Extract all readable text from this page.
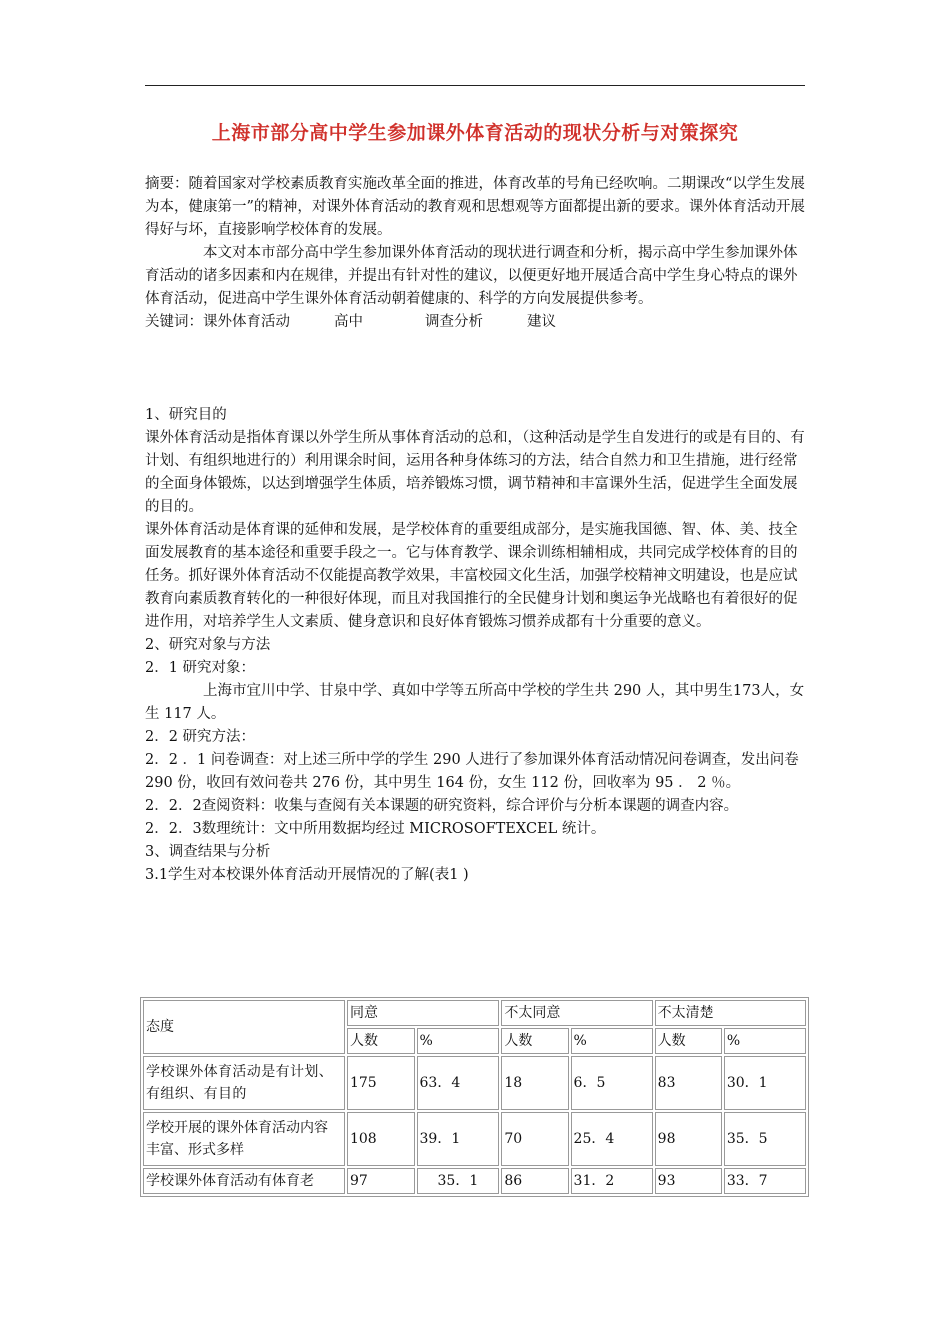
上海市部分高中学生参加课外体育活动的现状分析与对策探究

摘要：随着国家对学校素质教育实施改革全面的推进，体育改革的号角已经吹响。二期课改“以学生发展为本，健康第一”的精神，对课外体育活动的教育观和思想观等方面都提出新的要求。课外体育活动开展得好与坏，直接影响学校体育的发展。

本文对本市部分高中学生参加课外体育活动的现状进行调查和分析，揭示高中学生参加课外体育活动的诸多因素和内在规律，并提出有针对性的建议，以便更好地开展适合高中学生身心特点的课外体育活动，促进高中学生课外体育活动朝着健康的、科学的方向发展提供参考。

关键词：课外体育活动	高中	调查分析	建议

1、研究目的

课外体育活动是指体育课以外学生所从事体育活动的总和，（这种活动是学生自发进行的或是有目的、有计划、有组织地进行的）利用课余时间，运用各种身体练习的方法，结合自然力和卫生措施，进行经常的全面身体锻炼，以达到增强学生体质，培养锻炼习惯，调节精神和丰富课外生活，促进学生全面发展的目的。

课外体育活动是体育课的延伸和发展，是学校体育的重要组成部分，是实施我国德、智、体、美、技全面发展教育的基本途径和重要手段之一。它与体育教学、课余训练相辅相成，共同完成学校体育的目的任务。抓好课外体育活动不仅能提高教学效果，丰富校园文化生活，加强学校精神文明建设，也是应试教育向素质教育转化的一种很好体现，而且对我国推行的全民健身计划和奥运争光战略也有着很好的促进作用，对培养学生人文素质、健身意识和良好体育锻炼习惯养成都有十分重要的意义。

2、研究对象与方法

2．1 研究对象：

上海市宜川中学、甘泉中学、真如中学等五所高中学校的学生共 290 人，其中男生173人，女生 117 人。

2．2 研究方法：

2．2 ．1 问卷调查：对上述三所中学的学生 290 人进行了参加课外体育活动情况问卷调查，发出问卷 290 份，收回有效问卷共 276 份，其中男生 164 份，女生 112 份，回收率为 95 ． 2 ％。

2．2．2查阅资料：收集与查阅有关本课题的研究资料，综合评价与分析本课题的调查内容。

2．2．3数理统计：文中所用数据均经过 MICROSOFTEXCEL 统计。

3、调查结果与分析

3.1学生对本校课外体育活动开展情况的了解(表1 )

态度	同意		不太同意		不太清楚	
	人数	%	人数	%	人数	%
学校课外体育活动是有计划、有组织、有目的	175	63．4	18	6．5	83	30．1
学校开展的课外体育活动内容丰富、形式多样	108	39．1	70	25．4	98	35．5
学校课外体育活动有体育老	97	35．1	86	31．2	93	33．7
